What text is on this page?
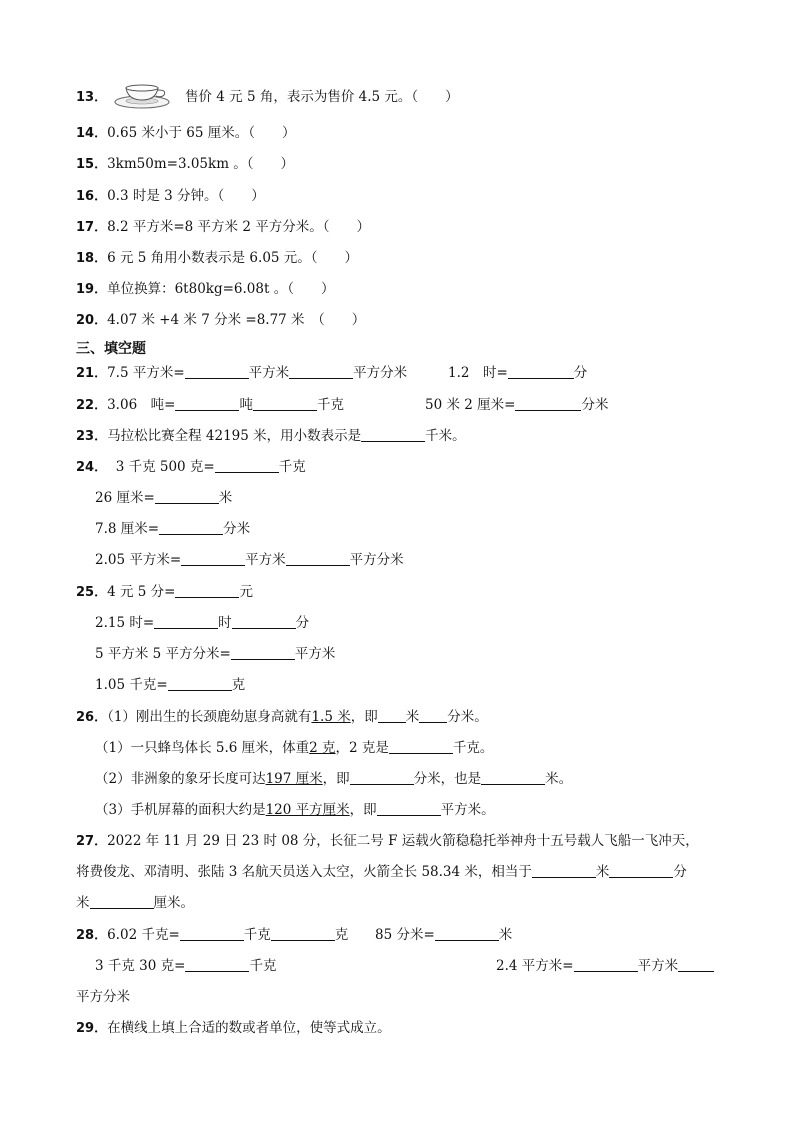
13．	售价 4 元 5 角，表示为售价 4.5 元。（　　）
14．0.65 米小于 65 厘米。（　　）
15．3km50m=3.05km 。（　　）
16．0.3 时是 3 分钟。（　　）
17．8.2 平方米=8 平方米 2 平方分米。（　　）
18．6 元 5 角用小数表示是 6.05 元。（　　）
19．单位换算：6t80kg=6.08t 。（　　）
20．4.07 米 +4 米 7 分米 =8.77 米　（　　）
三、填空题
21．7.5 平方米=	平方米	平方分米	1.2　时=	分
22．3.06　吨=	吨	千克	50 米 2 厘米=	分米
23．马拉松比赛全程 42195 米，用小数表示是	千米。
24． 3 千克 500 克=	千克
26 厘米=	米
7.8 厘米=	分米
2.05 平方米=	平方米	平方分米
25．4 元 5 分=	元
2.15 时=	时	分
5 平方米 5 平方分米=	平方米
1.05 千克=	克
26．（1）刚出生的长颈鹿幼崽身高就有1.5 米，即 米 分米。
（1）一只蜂鸟体长 5.6 厘米，体重2 克，2 克是	千克。
（2）非洲象的象牙长度可达197 厘米，即	分米，也是	米。
（3）手机屏幕的面积大约是120 平方厘米，即	平方米。
27．2022 年 11 月 29 日 23 时 08 分，长征二号 F 运载火箭稳稳托举神舟十五号载人飞船一飞冲天，
将费俊龙、邓清明、张陆 3 名航天员送入太空，火箭全长 58.34 米，相当于	米	分
米	厘米。
28．6.02 千克=	千克	克 85 分米=	米
3 千克 30 克=	千克	2.4 平方米=	平方米
平方分米
29．在横线上填上合适的数或者单位，使等式成立。
